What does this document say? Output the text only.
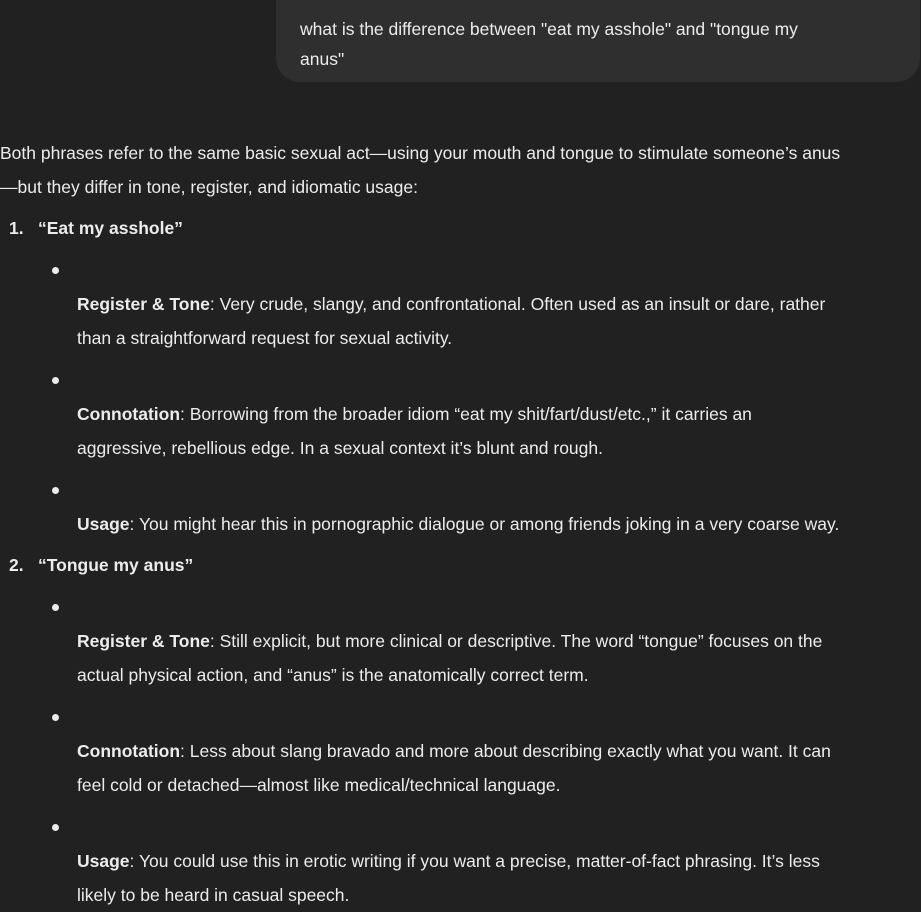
what is the difference between "eat my asshole" and "tongue my
anus"

Both phrases refer to the same basic sexual act—using your mouth and tongue to stimulate someone’s anus
—but they differ in tone, register, and idiomatic usage:

1. “Eat my asshole”

Register & Tone: Very crude, slangy, and confrontational. Often used as an insult or dare, rather
than a straightforward request for sexual activity.

Connotation: Borrowing from the broader idiom “eat my shit/fart/dust/etc.,” it carries an
aggressive, rebellious edge. In a sexual context it’s blunt and rough.

Usage: You might hear this in pornographic dialogue or among friends joking in a very coarse way.

2. “Tongue my anus”

Register & Tone: Still explicit, but more clinical or descriptive. The word “tongue” focuses on the
actual physical action, and “anus” is the anatomically correct term.

Connotation: Less about slang bravado and more about describing exactly what you want. It can
feel cold or detached—almost like medical/technical language.

Usage: You could use this in erotic writing if you want a precise, matter-of-fact phrasing. It’s less
likely to be heard in casual speech.
